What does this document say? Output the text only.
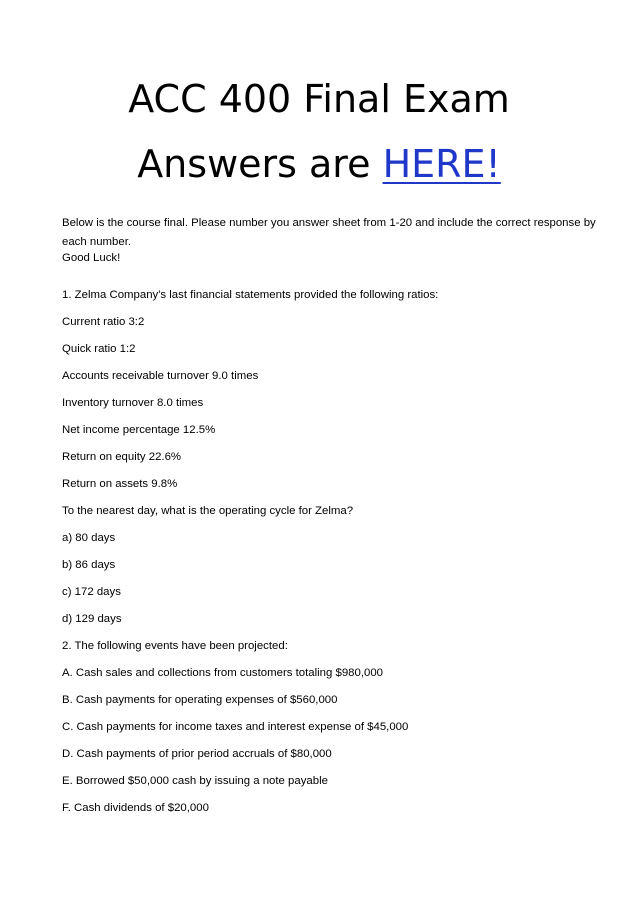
ACC 400 Final Exam
Answers are HERE!

Below is the course final. Please number you answer sheet from 1-20 and include the correct response by each number.

Good Luck!

1. Zelma Company's last financial statements provided the following ratios:

Current ratio 3:2

Quick ratio 1:2

Accounts receivable turnover 9.0 times

Inventory turnover 8.0 times

Net income percentage 12.5%

Return on equity 22.6%

Return on assets 9.8%

To the nearest day, what is the operating cycle for Zelma?

a) 80 days

b) 86 days

c) 172 days

d) 129 days

2. The following events have been projected:

A. Cash sales and collections from customers totaling $980,000

B. Cash payments for operating expenses of $560,000

C. Cash payments for income taxes and interest expense of $45,000

D. Cash payments of prior period accruals of $80,000

E. Borrowed $50,000 cash by issuing a note payable

F. Cash dividends of $20,000
